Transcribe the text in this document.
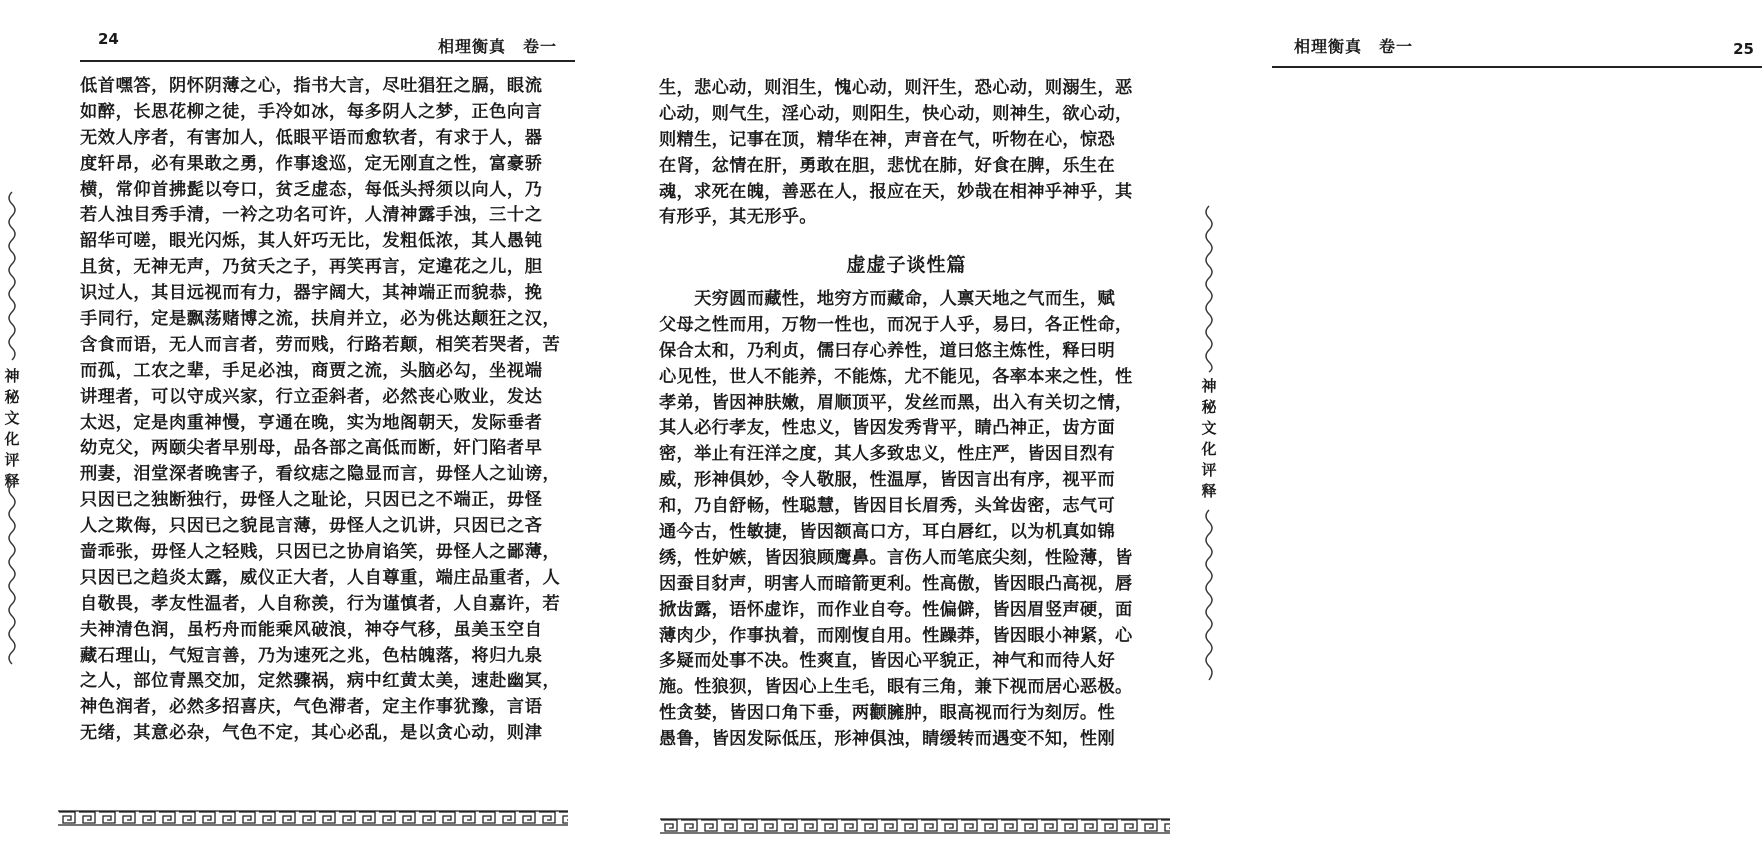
24	相理衡真　卷一
低首嘿答，阴怀阴薄之心，指书大言，尽吐猖狂之膈，眼流
如醉，长思花柳之徒，手冷如冰，每多阴人之梦，正色向言
无效人序者，有害加人，低眼平语而愈软者，有求于人，器
度轩昂，必有果敢之勇，作事逡巡，定无刚直之性，富豪骄
横，常仰首拂髭以夸口，贫乏虚态，每低头捋须以向人，乃
若人浊目秀手清，一衿之功名可许，人清神露手浊，三十之
韶华可嗟，眼光闪烁，其人奸巧无比，发粗低浓，其人愚钝
且贫，无神无声，乃贫夭之子，再笑再言，定違花之儿，胆
识过人，其目远视而有力，器宇阔大，其神端正而貌恭，挽
手同行，定是飘荡赌博之流，扶肩并立，必为佻达颠狂之汉，
含食而语，无人而言者，劳而贱，行路若颠，相笑若哭者，苦
而孤，工农之辈，手足必浊，商贾之流，头脑必勾，坐视端
讲理者，可以守成兴家，行立歪斜者，必然丧心败业，发达
太迟，定是肉重神慢，亨通在晚，实为地阁朝天，发际垂者
幼克父，两颐尖者早别母，品各部之高低而断，奸门陷者早
刑妻，泪堂深者晚害子，看纹痣之隐显而言，毋怪人之讪谤，
只因已之独断独行，毋怪人之耻论，只因已之不端正，毋怪
人之欺侮，只因已之貌昆言薄，毋怪人之讥讲，只因已之吝
啬乖张，毋怪人之轻贱，只因已之协肩谄笑，毋怪人之鄙薄，
只因已之趋炎太露，威仪正大者，人自尊重，端庄品重者，人
自敬畏，孝友性温者，人自称羡，行为谨慎者，人自嘉许，若
夫神清色润，虽朽舟而能乘风破浪，神夺气移，虽美玉空自
藏石理山，气短言善，乃为速死之兆，色枯魄落，将归九泉
之人，部位青黑交加，定然骤祸，病中红黄太美，速赴幽冥，
神色润者，必然多招喜庆，气色滞者，定主作事犹豫，言语
无绪，其意必杂，气色不定，其心必乱，是以贪心动，则津
相理衡真　卷一	25
生，悲心动，则泪生，愧心动，则汗生，恐心动，则溺生，恶
心动，则气生，淫心动，则阳生，快心动，则神生，欲心动，
则精生，记事在顶，精华在神，声音在气，听物在心，惊恐
在肾，忿情在肝，勇敢在胆，悲忧在肺，好食在脾，乐生在
魂，求死在魄，善恶在人，报应在天，妙哉在相神乎神乎，其
有形乎，其无形乎。
虚虚子谈性篇
　　天穷圆而藏性，地穷方而藏命，人禀天地之气而生，赋
父母之性而用，万物一性也，而况于人乎，易曰，各正性命，
保合太和，乃利贞，儒曰存心养性，道曰悠主炼性，释曰明
心见性，世人不能养，不能炼，尤不能见，各率本来之性，性
孝弟，皆因神肤嫩，眉顺顶平，发丝而黑，出入有关切之情，
其人必行孝友，性忠义，皆因发秀背平，睛凸神正，齿方面
密，举止有汪洋之度，其人多致忠义，性庄严，皆因目烈有
威，形神俱妙，令人敬服，性温厚，皆因言出有序，视平而
和，乃自舒畅，性聪慧，皆因目长眉秀，头耸齿密，志气可
通今古，性敏捷，皆因额高口方，耳白唇红，以为机真如锦
绣，性妒嫉，皆因狼顾鹰鼻。言伤人而笔底尖刻，性险薄，皆
因蚕目豺声，明害人而暗箭更利。性高傲，皆因眼凸高视，唇
掀齿露，语怀虚诈，而作业自夸。性偏僻，皆因眉竖声硬，面
薄肉少，作事执着，而刚愎自用。性躁莽，皆因眼小神紧，心
多疑而处事不决。性爽直，皆因心平貌正，神气和而待人好
施。性狼狈，皆因心上生毛，眼有三角，兼下视而居心恶极。
性贪婪，皆因口角下垂，两颧臃肿，眼高视而行为刻厉。性
愚鲁，皆因发际低压，形神俱浊，睛缓转而遇变不知，性刚
神秘文化评释
神秘文化评释
